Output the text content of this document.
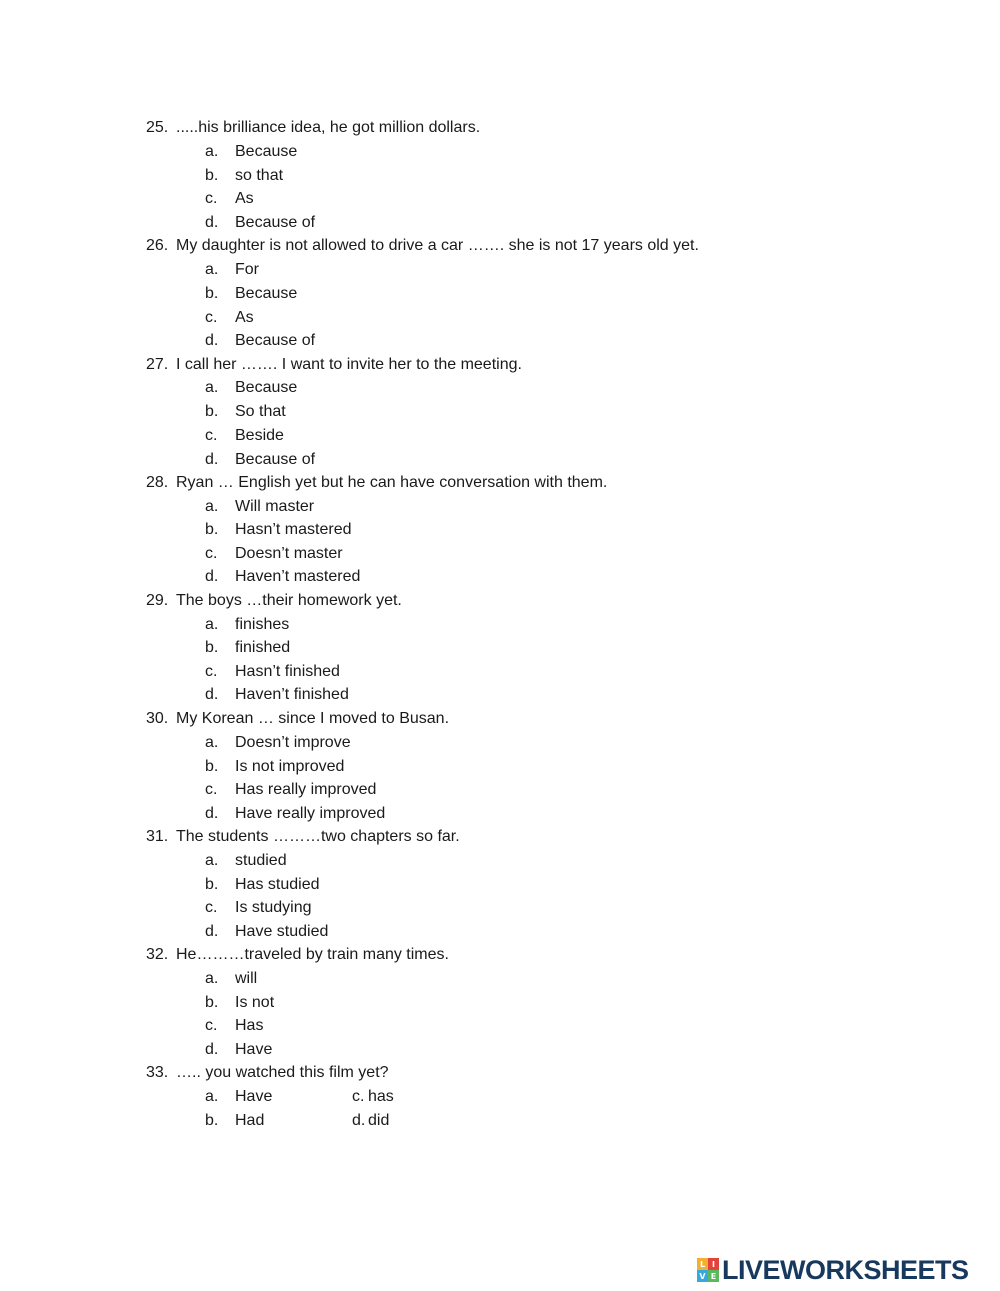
25. .....his brilliance idea, he got million dollars.
a. Because
b. so that
c. As
d. Because of
26. My daughter is not allowed to drive a car ……. she is not 17 years old yet.
a. For
b. Because
c. As
d. Because of
27. I call her ……. I want to invite her to the meeting.
a. Because
b. So that
c. Beside
d. Because of
28. Ryan … English yet but he can have conversation with them.
a. Will master
b. Hasn’t mastered
c. Doesn’t master
d. Haven’t mastered
29. The boys …their homework yet.
a. finishes
b. finished
c. Hasn’t finished
d. Haven’t finished
30. My Korean … since I moved to Busan.
a. Doesn’t improve
b. Is not improved
c. Has really improved
d. Have really improved
31. The students ………two chapters so far.
a. studied
b. Has studied
c. Is studying
d. Have studied
32. He………traveled by train many times.
a. will
b. Is not
c. Has
d. Have
33. ….. you watched this film yet?
a. Have	c. has
b. Had	d. did
L I
V E LIVEWORKSHEETS
